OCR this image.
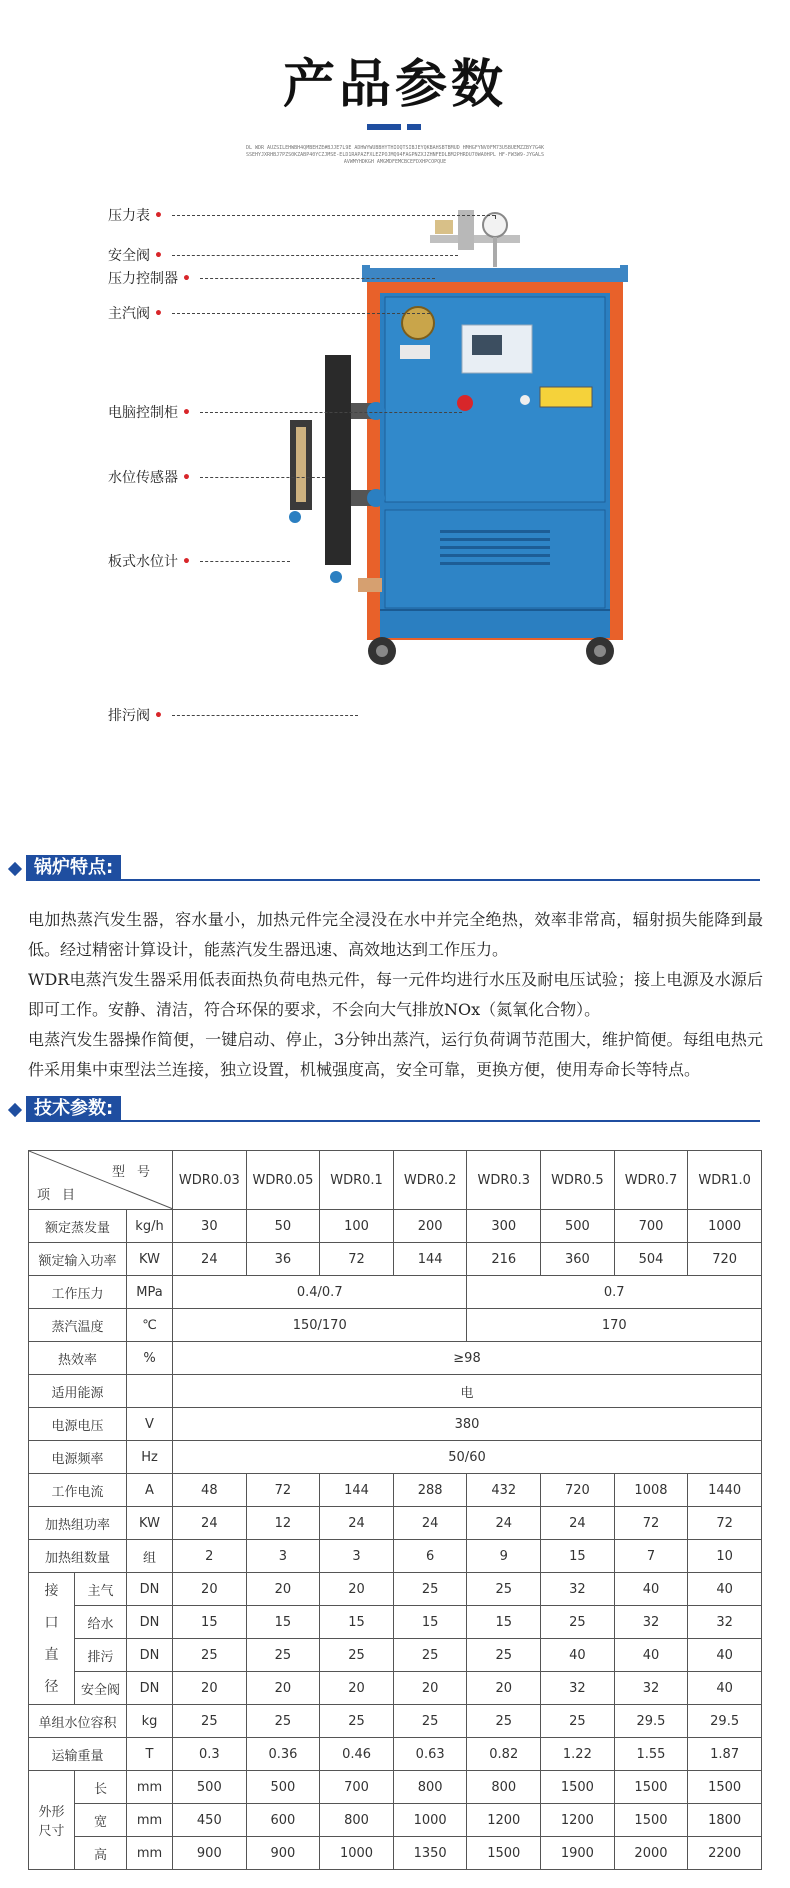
产品参数
DL WDR AUZSILEHWBH4QMBEHZE#BJJE7L9E ADHWYWUBBHYTHIOQTSIBJEYQKBAHSBTBMUD HMHGFYNV0FM73U5BUEMZZBY7G4KSSEHYJXRHBJ7PZS0KZABP40YCZJMSE-ELD1RAPAZFXLEZPOJMQ94FAGPNZXJZHNFEDLBM2PHRDU70WA0HPL HF-FW3W9-JYGALSAVWMYHDKGH AMGMDFEMCBCEFDXHPCOPQUE
压力表 •
安全阀 •
压力控制器 •
主汽阀 •
电脑控制柜 •
水位传感器 •
板式水位计 •
排污阀 •
锅炉特点:

电加热蒸汽发生器，容水量小，加热元件完全浸没在水中并完全绝热，效率非常高，辐射损失能降到最低。经过精密计算设计，能蒸汽发生器迅速、高效地达到工作压力。

WDR电蒸汽发生器采用低表面热负荷电热元件，每一元件均进行水压及耐电压试验；接上电源及水源后即可工作。安静、清洁，符合环保的要求，不会向大气排放NOx（氮氧化合物）。

电蒸汽发生器操作简便，一键启动、停止，3分钟出蒸汽，运行负荷调节范围大，维护简便。每组电热元件采用集中束型法兰连接，独立设置，机械强度高，安全可靠，更换方便，使用寿命长等特点。

技术参数:
型号
项目			WDR0.03	WDR0.05	WDR0.1	WDR0.2	WDR0.3	WDR0.5	WDR0.7	WDR1.0
额定蒸发量		kg/h	30	50	100	200	300	500	700	1000
额定输入功率		KW	24	36	72	144	216	360	504	720
工作压力		MPa	0.4/0.7				0.7			
蒸汽温度		℃	150/170				170			
热效率		%	≥98							
适用能源			电							
电源电压		V	380							
电源频率		Hz	50/60							
工作电流		A	48	72	144	288	432	720	1008	1440
加热组功率		KW	24	12	24	24	24	24	72	72
加热组数量		组	2	3	3	6	9	15	7	10

接
口
直
径	主气	DN	20	20	20	25	25	32	40	40
	给水	DN	15	15	15	15	15	25	32	32
	排污	DN	25	25	25	25	25	40	40	40
	安全阀	DN	20	20	20	20	20	32	32	40
单组水位容积		kg	25	25	25	25	25	25	29.5	29.5
运输重量		T	0.3	0.36	0.46	0.63	0.82	1.22	1.55	1.87

外形
尺寸	长	mm	500	500	700	800	800	1500	1500	1500
	宽	mm	450	600	800	1000	1200	1200	1500	1800
	高	mm	900	900	1000	1350	1500	1900	2000	2200
